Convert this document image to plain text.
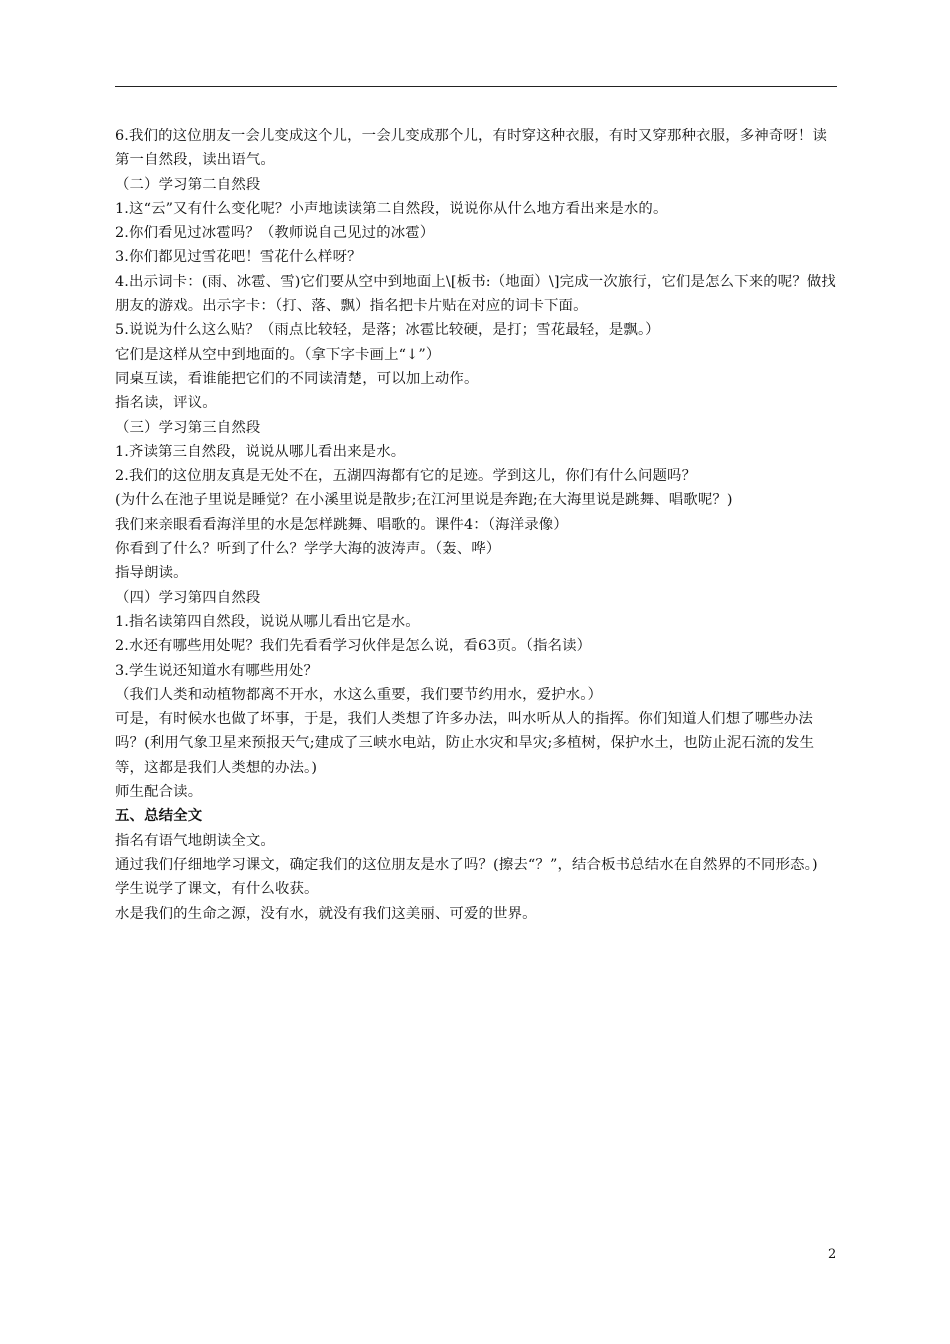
6.我们的这位朋友一会儿变成这个儿，一会儿变成那个儿，有时穿这种衣服，有时又穿那种衣服，多神奇呀！读第一自然段，读出语气。

（二）学习第二自然段

1.这“云”又有什么变化呢？小声地读读第二自然段，说说你从什么地方看出来是水的。

2.你们看见过冰雹吗？（教师说自己见过的冰雹）

3.你们都见过雪花吧！雪花什么样呀？

4.出示词卡：(雨、冰雹、雪)它们要从空中到地面上\[板书:（地面）\]完成一次旅行，它们是怎么下来的呢？做找朋友的游戏。出示字卡：（打、落、飘）指名把卡片贴在对应的词卡下面。

5.说说为什么这么贴？（雨点比较轻，是落；冰雹比较硬，是打；雪花最轻，是飘。）

它们是这样从空中到地面的。（拿下字卡画上“↓”）

同桌互读，看谁能把它们的不同读清楚，可以加上动作。

指名读，评议。

（三）学习第三自然段

1.齐读第三自然段，说说从哪儿看出来是水。

2.我们的这位朋友真是无处不在，五湖四海都有它的足迹。学到这儿，你们有什么问题吗？

(为什么在池子里说是睡觉？在小溪里说是散步;在江河里说是奔跑;在大海里说是跳舞、唱歌呢？)

我们来亲眼看看海洋里的水是怎样跳舞、唱歌的。课件4：（海洋录像）

你看到了什么？听到了什么？学学大海的波涛声。（轰、哗）

指导朗读。

（四）学习第四自然段

1.指名读第四自然段，说说从哪儿看出它是水。

2.水还有哪些用处呢？我们先看看学习伙伴是怎么说，看63页。（指名读）

3.学生说还知道水有哪些用处？

（我们人类和动植物都离不开水，水这么重要，我们要节约用水，爱护水。）

可是，有时候水也做了坏事，于是，我们人类想了许多办法，叫水听从人的指挥。你们知道人们想了哪些办法吗？(利用气象卫星来预报天气;建成了三峡水电站，防止水灾和旱灾;多植树，保护水土，也防止泥石流的发生等，这都是我们人类想的办法。)

师生配合读。

五、总结全文

指名有语气地朗读全文。

通过我们仔细地学习课文，确定我们的这位朋友是水了吗？(擦去“？”，结合板书总结水在自然界的不同形态。)

学生说学了课文，有什么收获。

水是我们的生命之源，没有水，就没有我们这美丽、可爱的世界。

2
